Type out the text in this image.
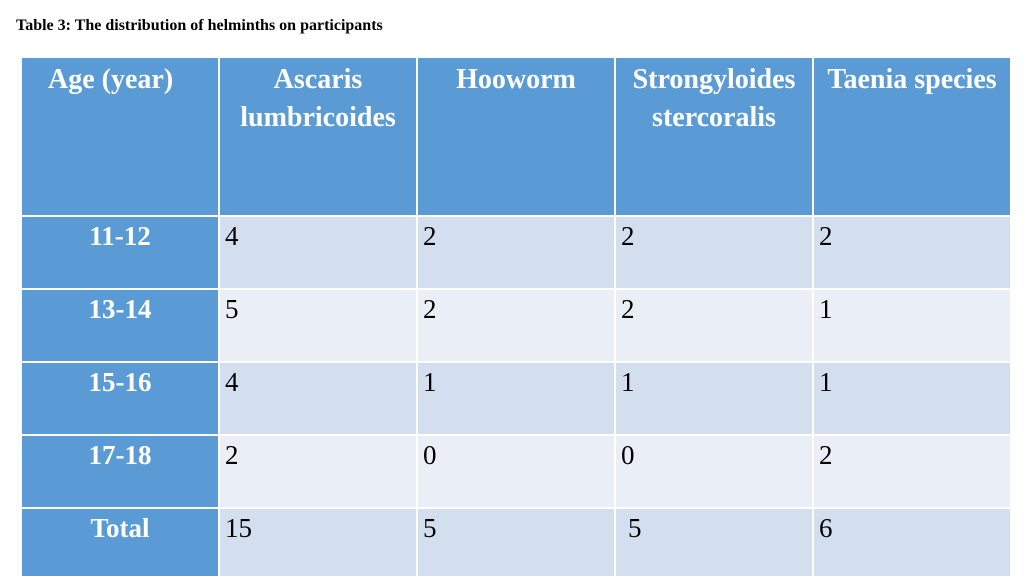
Table 3: The distribution of helminths on participants
Age (year)	Ascaris lumbricoides	Hooworm	Strongyloides stercoralis	Taenia species
11-12	4	2	2	2
13-14	5	2	2	1
15-16	4	1	1	1
17-18	2	0	0	2
Total	15	5	5	6
